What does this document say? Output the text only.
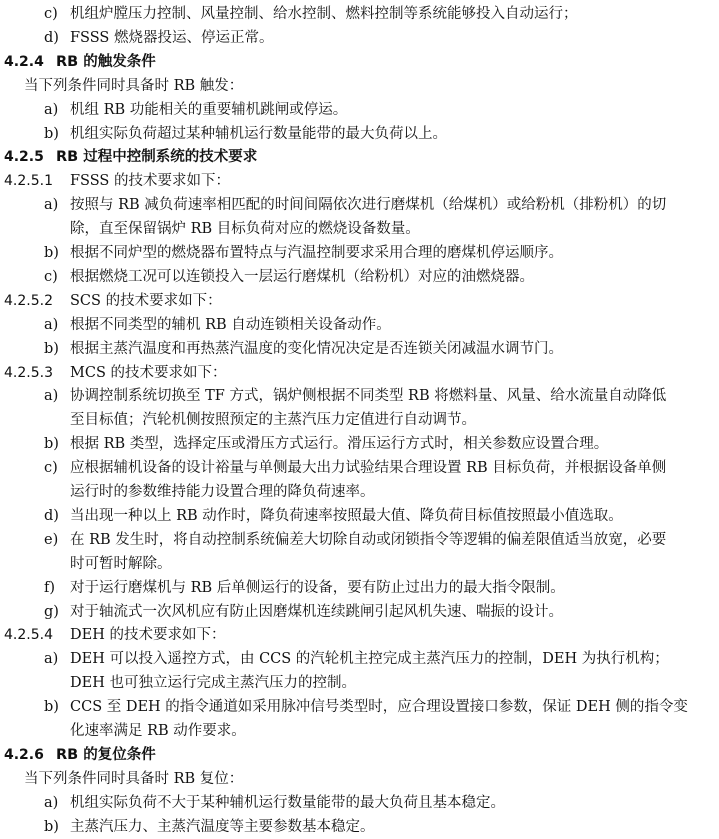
c) 机组炉膛压力控制、风量控制、给水控制、燃料控制等系统能够投入自动运行；
d) FSSS 燃烧器投运、停运正常。
4.2.4 RB 的触发条件
当下列条件同时具备时 RB 触发：
a) 机组 RB 功能相关的重要辅机跳闸或停运。
b) 机组实际负荷超过某种辅机运行数量能带的最大负荷以上。
4.2.5 RB 过程中控制系统的技术要求
4.2.5.1 FSSS 的技术要求如下：
a) 按照与 RB 减负荷速率相匹配的时间间隔依次进行磨煤机（给煤机）或给粉机（排粉机）的切
除，直至保留锅炉 RB 目标负荷对应的燃烧设备数量。
b) 根据不同炉型的燃烧器布置特点与汽温控制要求采用合理的磨煤机停运顺序。
c) 根据燃烧工况可以连锁投入一层运行磨煤机（给粉机）对应的油燃烧器。
4.2.5.2 SCS 的技术要求如下：
a) 根据不同类型的辅机 RB 自动连锁相关设备动作。
b) 根据主蒸汽温度和再热蒸汽温度的变化情况决定是否连锁关闭减温水调节门。
4.2.5.3 MCS 的技术要求如下：
a) 协调控制系统切换至 TF 方式，锅炉侧根据不同类型 RB 将燃料量、风量、给水流量自动降低
至目标值；汽轮机侧按照预定的主蒸汽压力定值进行自动调节。
b) 根据 RB 类型，选择定压或滑压方式运行。滑压运行方式时，相关参数应设置合理。
c) 应根据辅机设备的设计裕量与单侧最大出力试验结果合理设置 RB 目标负荷，并根据设备单侧
运行时的参数维持能力设置合理的降负荷速率。
d) 当出现一种以上 RB 动作时，降负荷速率按照最大值、降负荷目标值按照最小值选取。
e) 在 RB 发生时，将自动控制系统偏差大切除自动或闭锁指令等逻辑的偏差限值适当放宽，必要
时可暂时解除。
f) 对于运行磨煤机与 RB 后单侧运行的设备，要有防止过出力的最大指令限制。
g) 对于轴流式一次风机应有防止因磨煤机连续跳闸引起风机失速、喘振的设计。
4.2.5.4 DEH 的技术要求如下：
a) DEH 可以投入遥控方式，由 CCS 的汽轮机主控完成主蒸汽压力的控制，DEH 为执行机构；
DEH 也可独立运行完成主蒸汽压力的控制。
b) CCS 至 DEH 的指令通道如采用脉冲信号类型时，应合理设置接口参数，保证 DEH 侧的指令变
化速率满足 RB 动作要求。
4.2.6 RB 的复位条件
当下列条件同时具备时 RB 复位：
a) 机组实际负荷不大于某种辅机运行数量能带的最大负荷且基本稳定。
b) 主蒸汽压力、主蒸汽温度等主要参数基本稳定。
